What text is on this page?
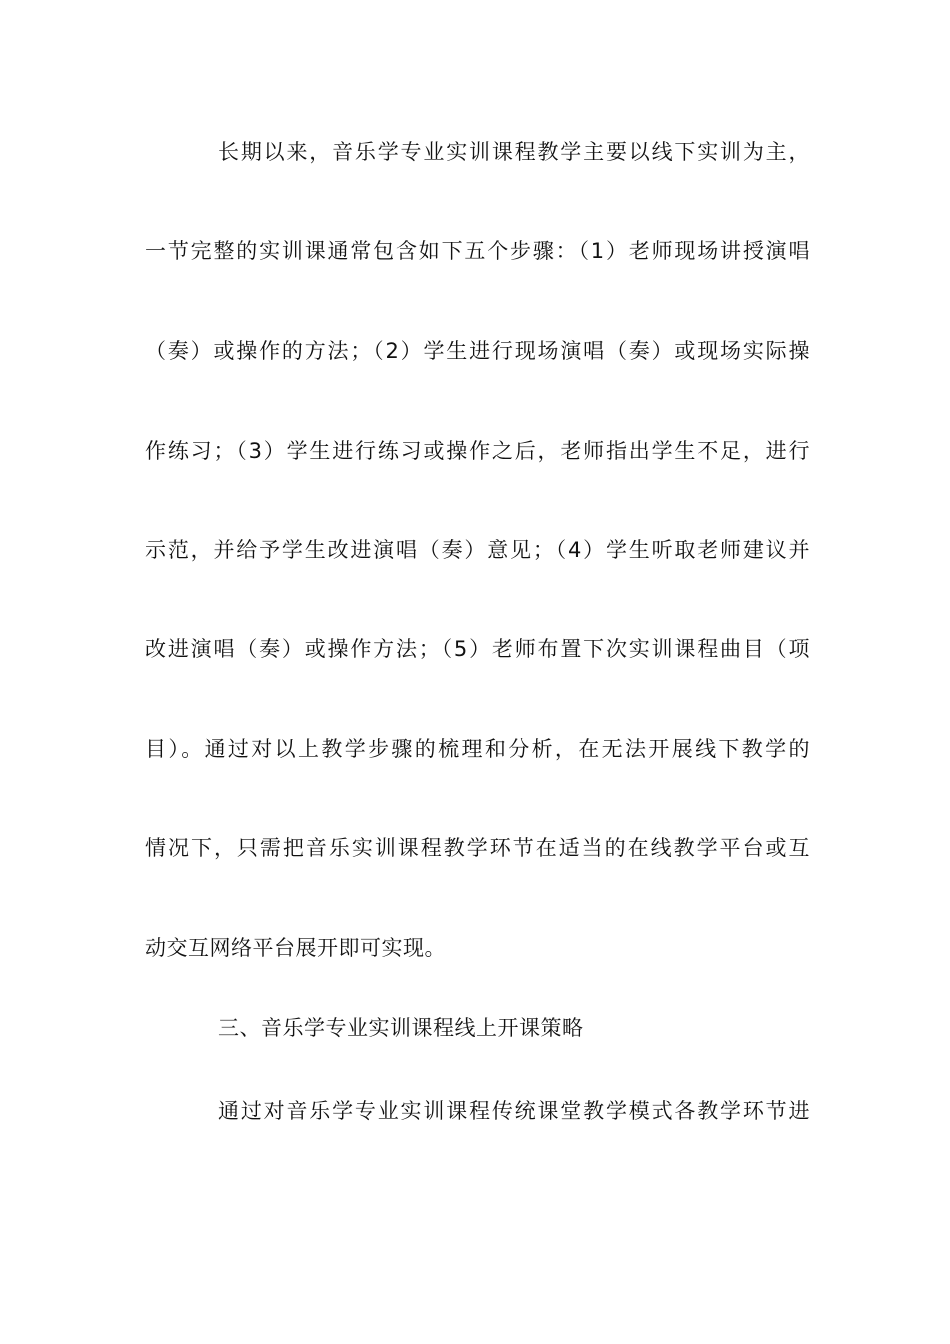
长期以来，音乐学专业实训课程教学主要以线下实训为主，
一节完整的实训课通常包含如下五个步骤：（1）老师现场讲授演唱
（奏）或操作的方法；（2）学生进行现场演唱（奏）或现场实际操
作练习；（3）学生进行练习或操作之后，老师指出学生不足，进行
示范，并给予学生改进演唱（奏）意见；（4）学生听取老师建议并
改进演唱（奏）或操作方法；（5）老师布置下次实训课程曲目（项
目）。通过对以上教学步骤的梳理和分析，在无法开展线下教学的
情况下，只需把音乐实训课程教学环节在适当的在线教学平台或互
动交互网络平台展开即可实现。
三、音乐学专业实训课程线上开课策略
通过对音乐学专业实训课程传统课堂教学模式各教学环节进
